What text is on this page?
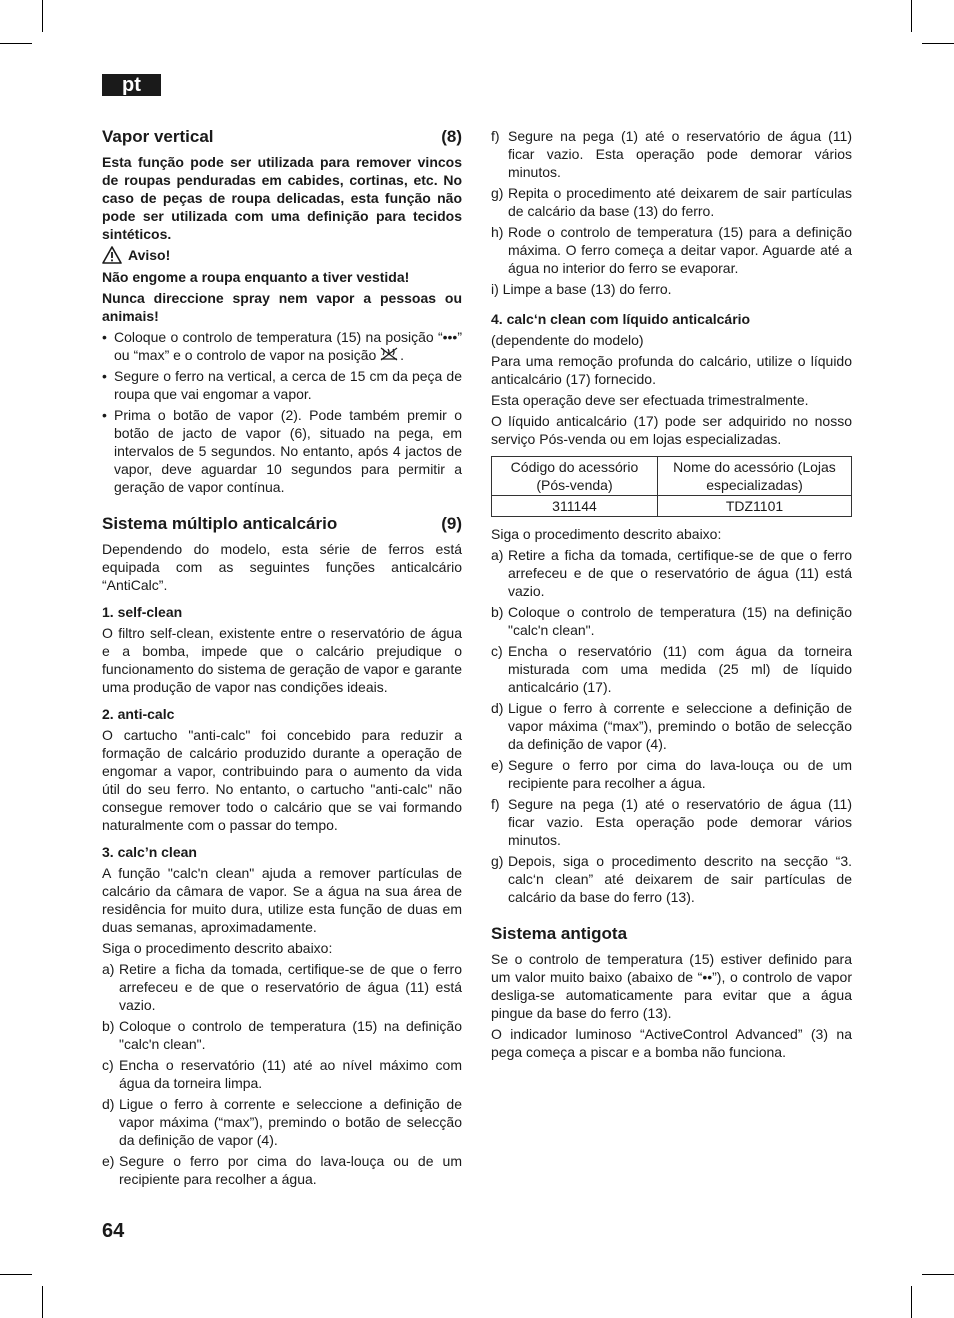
pt
Vapor vertical	(8)

Esta função pode ser utilizada para remover vincos de roupas penduradas em cabides, cortinas, etc. No caso de peças de roupa delicadas, esta função não pode ser utilizada com uma definição para tecidos sintéticos.

Aviso!

Não engome a roupa enquanto a tiver vestida!

Nunca direccione spray nem vapor a pessoas ou animais!

• Coloque o controlo de temperatura (15) na posição “•••” ou “max” e o controlo de vapor na posição .
• Segure o ferro na vertical, a cerca de 15 cm da peça de roupa que vai engomar a vapor.
• Prima o botão de vapor (2). Pode também premir o botão de jacto de vapor (6), situado na pega, em intervalos de 5 segundos. No entanto, após 4 jactos de vapor, deve aguardar 10 segundos para permitir a geração de vapor contínua.
Sistema múltiplo anticalcário	(9)

Dependendo do modelo, esta série de ferros está equipada com as seguintes funções anticalcário “AntiCalc”.

1. self-clean

O filtro self-clean, existente entre o reservatório de água e a bomba, impede que o calcário prejudique o funcionamento do sistema de geração de vapor e garante uma produção de vapor nas condições ideais.

2. anti-calc

O cartucho "anti-calc" foi concebido para reduzir a formação de calcário produzido durante a operação de engomar a vapor, contribuindo para o aumento da vida útil do seu ferro. No entanto, o cartucho "anti-calc" não consegue remover todo o calcário que se vai formando naturalmente com o passar do tempo.

3. calc’n clean

A função "calc'n clean" ajuda a remover partículas de calcário da câmara de vapor. Se a água na sua área de residência for muito dura, utilize esta função de duas em duas semanas, aproximadamente.

Siga o procedimento descrito abaixo:

a) Retire a ficha da tomada, certifique-se de que o ferro arrefeceu e de que o reservatório de água (11) está vazio.
b) Coloque o controlo de temperatura (15) na definição "calc'n clean".
c) Encha o reservatório (11) até ao nível máximo com água da torneira limpa.
d) Ligue o ferro à corrente e seleccione a definição de vapor máxima (“max”), premindo o botão de selecção da definição de vapor (4).
e) Segure o ferro por cima do lava-louça ou de um recipiente para recolher a água.
f) Segure na pega (1) até o reservatório de água (11) ficar vazio. Esta operação pode demorar vários minutos.
g) Repita o procedimento até deixarem de sair partículas de calcário da base (13) do ferro.
h) Rode o controlo de temperatura (15) para a definição máxima. O ferro começa a deitar vapor. Aguarde até a água no interior do ferro se evaporar.

i) Limpe a base (13) do ferro.

4. calc‘n clean com líquido anticalcário

(dependente do modelo)

Para uma remoção profunda do calcário, utilize o líquido anticalcário (17) fornecido.

Esta operação deve ser efectuada trimestralmente.

O líquido anticalcário (17) pode ser adquirido no nosso serviço Pós-venda ou em lojas especializadas.

Código do acessório (Pós-venda)	Nome do acessório (Lojas especializadas)
311144	TDZ1101

Siga o procedimento descrito abaixo:

a) Retire a ficha da tomada, certifique-se de que o ferro arrefeceu e de que o reservatório de água (11) está vazio.
b) Coloque o controlo de temperatura (15) na definição "calc'n clean".
c) Encha o reservatório (11) com água da torneira misturada com uma medida (25 ml) de líquido anticalcário (17).
d) Ligue o ferro à corrente e seleccione a definição de vapor máxima (“max”), premindo o botão de selecção da definição de vapor (4).
e) Segure o ferro por cima do lava-louça ou de um recipiente para recolher a água.
f) Segure na pega (1) até o reservatório de água (11) ficar vazio. Esta operação pode demorar vários minutos.
g) Depois, siga o procedimento descrito na secção “3. calc‘n clean” até deixarem de sair partículas de calcário da base do ferro (13).
Sistema antigota

Se o controlo de temperatura (15) estiver definido para um valor muito baixo (abaixo de “••”), o controlo de vapor desliga-se automaticamente para evitar que a água pingue da base do ferro (13).

O indicador luminoso “ActiveControl Advanced” (3) na pega começa a piscar e a bomba não funciona.

64
